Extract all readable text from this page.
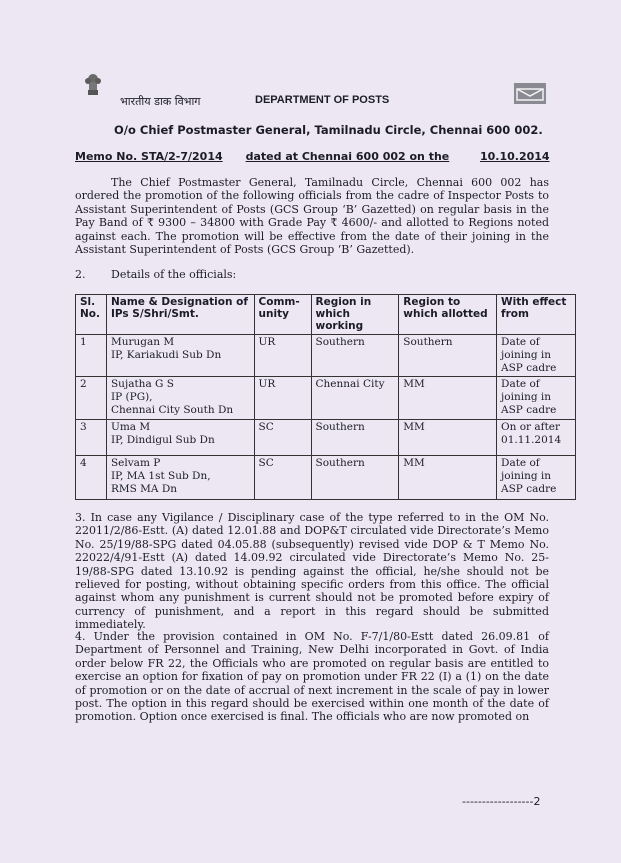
भारतीय डाक विभाग	DEPARTMENT OF POSTS
O/o Chief Postmaster General, Tamilnadu Circle, Chennai 600 002.
Memo No. STA/2-7/2014 dated at Chennai 600 002 on the	10.10.2014
The Chief Postmaster General, Tamilnadu Circle, Chennai 600 002 has ordered the promotion of the following officials from the cadre of Inspector Posts to Assistant Superintendent of Posts (GCS Group ‘B’ Gazetted) on regular basis in the Pay Band of ₹ 9300 – 34800 with Grade Pay ₹ 4600/- and allotted to Regions noted against each. The promotion will be effective from the date of their joining in the Assistant Superintendent of Posts (GCS Group ‘B’ Gazetted).
2. Details of the officials:
Sl. No.	Name & Designation of IPs S/Shri/Smt.	Comm-unity	Region in which working	Region to which allotted	With effect from
1	Murugan M
IP, Kariakudi Sub Dn	UR	Southern	Southern	Date of joining in ASP cadre
2	Sujatha G S
IP (PG),
Chennai City South Dn	UR	Chennai City	MM	Date of joining in ASP cadre
3	Uma M
IP, Dindigul Sub Dn	SC	Southern	MM	On or after 01.11.2014
4	Selvam P
IP, MA 1st Sub Dn,
RMS MA Dn	SC	Southern	MM	Date of joining in ASP cadre
3. In case any Vigilance / Disciplinary case of the type referred to in the OM No. 22011/2/86-Estt. (A) dated 12.01.88 and DOP&T circulated vide Directorate’s Memo No. 25/19/88-SPG dated 04.05.88 (subsequently) revised vide DOP & T Memo No. 22022/4/91-Estt (A) dated 14.09.92 circulated vide Directorate’s Memo No. 25-19/88-SPG dated 13.10.92 is pending against the official, he/she should not be relieved for posting, without obtaining specific orders from this office. The official against whom any punishment is current should not be promoted before expiry of currency of punishment, and a report in this regard should be submitted immediately.
4. Under the provision contained in OM No. F-7/1/80-Estt dated 26.09.81 of Department of Personnel and Training, New Delhi incorporated in Govt. of India order below FR 22, the Officials who are promoted on regular basis are entitled to exercise an option for fixation of pay on promotion under FR 22 (I) a (1) on the date of promotion or on the date of accrual of next increment in the scale of pay in lower post. The option in this regard should be exercised within one month of the date of promotion. Option once exercised is final. The officials who are now promoted on
------------------2
